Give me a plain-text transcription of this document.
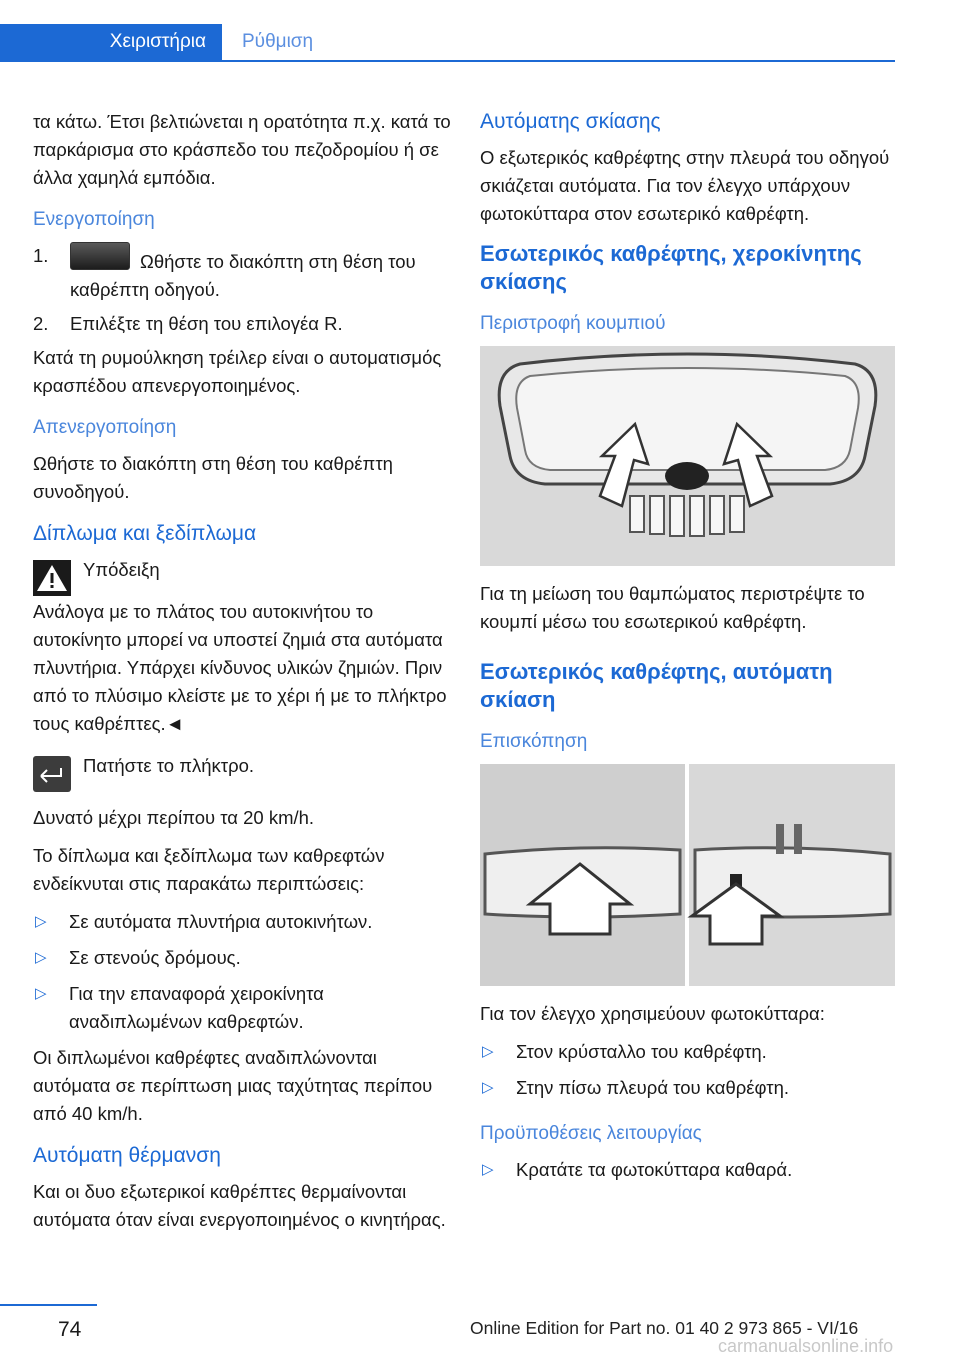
Χειριστήρια	Ρύθμιση

τα κάτω. Έτσι βελτιώνεται η ορατότητα π.χ. κατά το παρκάρισμα στο κράσπεδο του πεζοδρομίου ή σε άλλα χαμηλά εμπόδια.

Ενεργοποίηση
1.	Ωθήστε το διακόπτη στη θέση του καθρέπτη οδηγού.
2. Επιλέξτε τη θέση του επιλογέα R.

Κατά τη ρυμούλκηση τρέιλερ είναι ο αυτοματισμός κρασπέδου απενεργοποιημένος.

Απενεργοποίηση

Ωθήστε το διακόπτη στη θέση του καθρέπτη συνοδηγού.

Δίπλωμα και ξεδίπλωμα
Υπόδειξη

Ανάλογα με το πλάτος του αυτοκινήτου το αυτοκίνητο μπορεί να υποστεί ζημιά στα αυτόματα πλυντήρια. Υπάρχει κίνδυνος υλικών ζημιών. Πριν από το πλύσιμο κλείστε με το χέρι ή με το πλήκτρο τους καθρέπτες.◄

Πατήστε το πλήκτρο.

Δυνατό μέχρι περίπου τα 20 km/h.

Το δίπλωμα και ξεδίπλωμα των καθρεφτών ενδείκνυται στις παρακάτω περιπτώσεις:

▷ Σε αυτόματα πλυντήρια αυτοκινήτων.
▷ Σε στενούς δρόμους.
▷ Για την επαναφορά χειροκίνητα αναδιπλωμένων καθρεφτών.

Οι διπλωμένοι καθρέφτες αναδιπλώνονται αυτόματα σε περίπτωση μιας ταχύτητας περίπου από 40 km/h.

Αυτόματη θέρμανση

Και οι δυο εξωτερικοί καθρέπτες θερμαίνονται αυτόματα όταν είναι ενεργοποιημένος ο κινητήρας.

Αυτόματης σκίασης

Ο εξωτερικός καθρέφτης στην πλευρά του οδηγού σκιάζεται αυτόματα. Για τον έλεγχο υπάρχουν φωτοκύτταρα στον εσωτερικό καθρέφτη.

Εσωτερικός καθρέφτης, χεροκίνητης σκίασης
Περιστροφή κουμπιού

Για τη μείωση του θαμπώματος περιστρέψτε το κουμπί μέσω του εσωτερικού καθρέφτη.

Εσωτερικός καθρέφτης, αυτόματη σκίαση
Επισκόπηση

Για τον έλεγχο χρησιμεύουν φωτοκύτταρα:

▷ Στον κρύσταλλο του καθρέφτη.
▷ Στην πίσω πλευρά του καθρέφτη.
Προϋποθέσεις λειτουργίας
▷ Κρατάτε τα φωτοκύτταρα καθαρά.
74	Online Edition for Part no. 01 40 2 973 865 - VI/16
carmanualsonline.info
